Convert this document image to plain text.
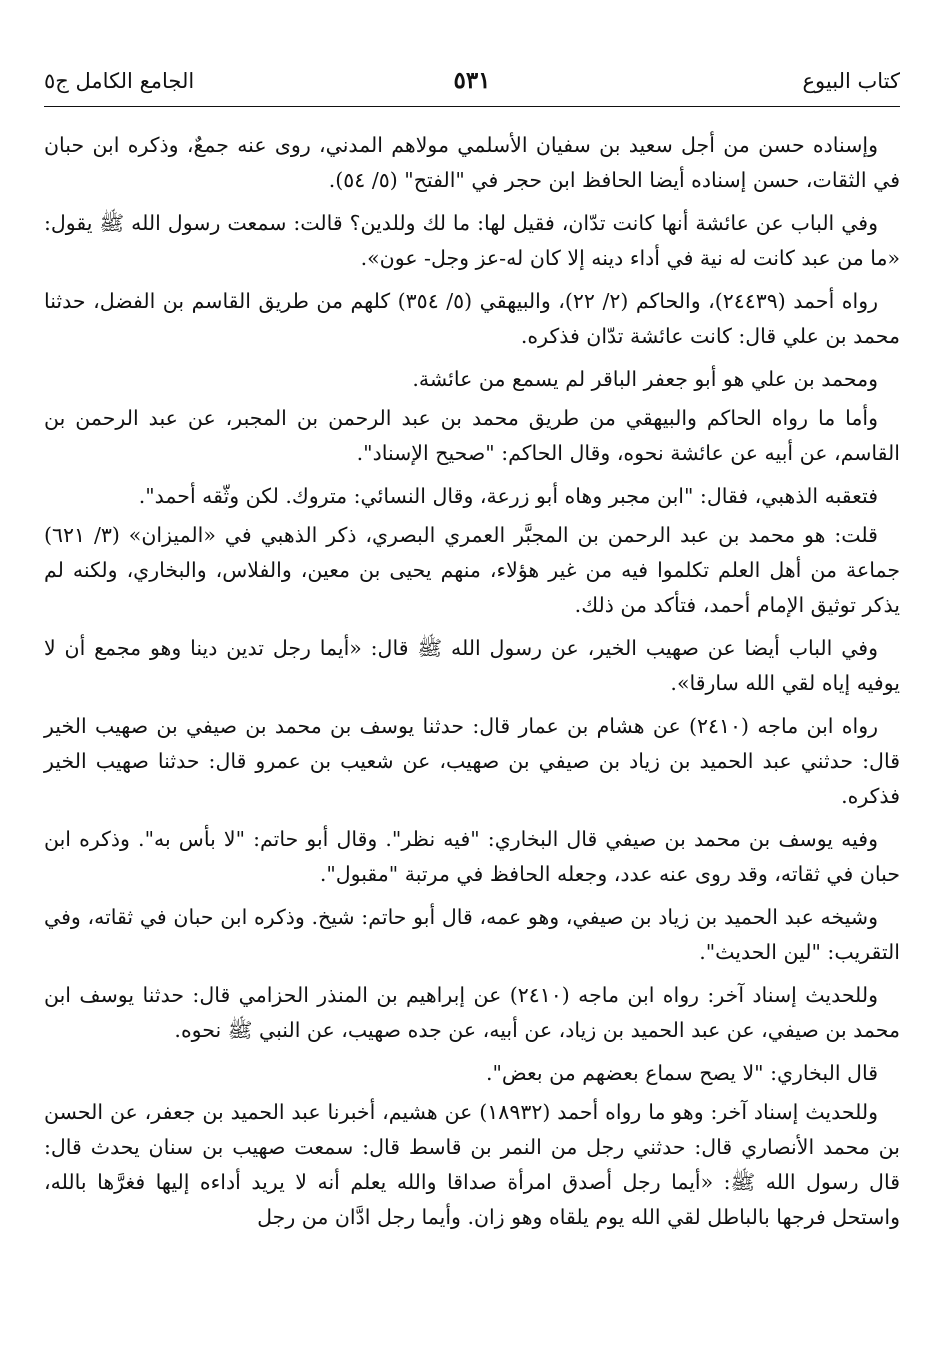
كتاب البيوع
٥٣١
الجامع الكامل ج٥

وإسناده حسن من أجل سعيد بن سفيان الأسلمي مولاهم المدني، روى عنه جمعٌ، وذكره ابن حبان في الثقات، حسن إسناده أيضا الحافظ ابن حجر في "الفتح" (٥/ ٥٤).

وفي الباب عن عائشة أنها كانت تدّان، فقيل لها: ما لك وللدين؟ قالت: سمعت رسول الله ﷺ يقول: «ما من عبد كانت له نية في أداء دينه إلا كان له-عز وجل- عون».

رواه أحمد (٢٤٤٣٩)، والحاكم (٢/ ٢٢)، والبيهقي (٥/ ٣٥٤) كلهم من طريق القاسم بن الفضل، حدثنا محمد بن علي قال: كانت عائشة تدّان فذكره.

ومحمد بن علي هو أبو جعفر الباقر لم يسمع من عائشة.

وأما ما رواه الحاكم والبيهقي من طريق محمد بن عبد الرحمن بن المجبر، عن عبد الرحمن بن القاسم، عن أبيه عن عائشة نحوه، وقال الحاكم: "صحيح الإسناد".

فتعقبه الذهبي، فقال: "ابن مجبر وهاه أبو زرعة، وقال النسائي: متروك. لكن وثّقه أحمد".

قلت: هو محمد بن عبد الرحمن بن المجبَّر العمري البصري، ذكر الذهبي في «الميزان» (٣/ ٦٢١) جماعة من أهل العلم تكلموا فيه من غير هؤلاء، منهم يحيى بن معين، والفلاس، والبخاري، ولكنه لم يذكر توثيق الإمام أحمد، فتأكد من ذلك.

وفي الباب أيضا عن صهيب الخير، عن رسول الله ﷺ قال: «أيما رجل تدين دينا وهو مجمع أن لا يوفيه إياه لقي الله سارقا».

رواه ابن ماجه (٢٤١٠) عن هشام بن عمار قال: حدثنا يوسف بن محمد بن صيفي بن صهيب الخير قال: حدثني عبد الحميد بن زياد بن صيفي بن صهيب، عن شعيب بن عمرو قال: حدثنا صهيب الخير فذكره.

وفيه يوسف بن محمد بن صيفي قال البخاري: "فيه نظر". وقال أبو حاتم: "لا بأس به". وذكره ابن حبان في ثقاته، وقد روى عنه عدد، وجعله الحافظ في مرتبة "مقبول".

وشيخه عبد الحميد بن زياد بن صيفي، وهو عمه، قال أبو حاتم: شيخ. وذكره ابن حبان في ثقاته، وفي التقريب: "لين الحديث".

وللحديث إسناد آخر: رواه ابن ماجه (٢٤١٠) عن إبراهيم بن المنذر الحزامي قال: حدثنا يوسف ابن محمد بن صيفي، عن عبد الحميد بن زياد، عن أبيه، عن جده صهيب، عن النبي ﷺ نحوه.

قال البخاري: "لا يصح سماع بعضهم من بعض".

وللحديث إسناد آخر: وهو ما رواه أحمد (١٨٩٣٢) عن هشيم، أخبرنا عبد الحميد بن جعفر، عن الحسن بن محمد الأنصاري قال: حدثني رجل من النمر بن قاسط قال: سمعت صهيب بن سنان يحدث قال: قال رسول الله ﷺ: «أيما رجل أصدق امرأة صداقا والله يعلم أنه لا يريد أداءه إليها فغرَّها بالله، واستحل فرجها بالباطل لقي الله يوم يلقاه وهو زان. وأيما رجل ادَّان من رجل
